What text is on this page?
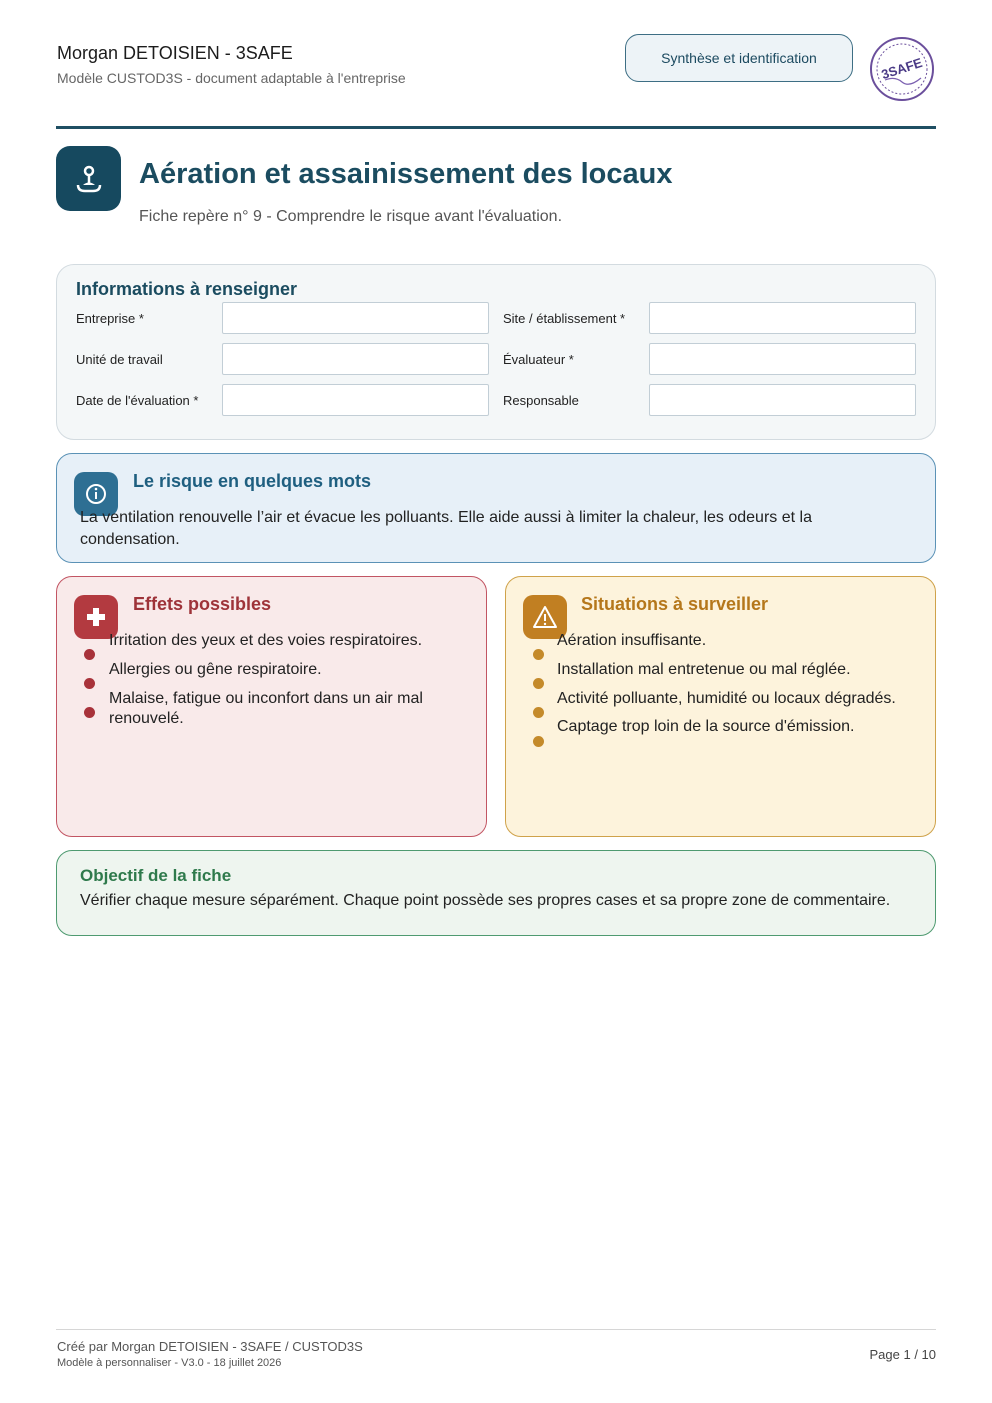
Morgan DETOISIEN - 3SAFE
Modèle CUSTOD3S - document adaptable à l'entreprise
Synthèse et identification	3SAFE
Aération et assainissement des locaux
Fiche repère n° 9 - Comprendre le risque avant l'évaluation.
Informations à renseigner
Entreprise *	Site / établissement *
Unité de travail	Évaluateur *
Date de l'évaluation *	Responsable
Le risque en quelques mots
La ventilation renouvelle l’air et évacue les polluants. Elle aide aussi à limiter la chaleur, les odeurs et la condensation.
Effets possibles
Irritation des yeux et des voies respiratoires.
Allergies ou gêne respiratoire.
Malaise, fatigue ou inconfort dans un air mal renouvelé.
Situations à surveiller
Aération insuffisante.
Installation mal entretenue ou mal réglée.
Activité polluante, humidité ou locaux dégradés.
Captage trop loin de la source d'émission.
Objectif de la fiche
Vérifier chaque mesure séparément. Chaque point possède ses propres cases et sa propre zone de commentaire.
Créé par Morgan DETOISIEN - 3SAFE / CUSTOD3S
Modèle à personnaliser - V3.0 - 18 juillet 2026
Page 1 / 10
